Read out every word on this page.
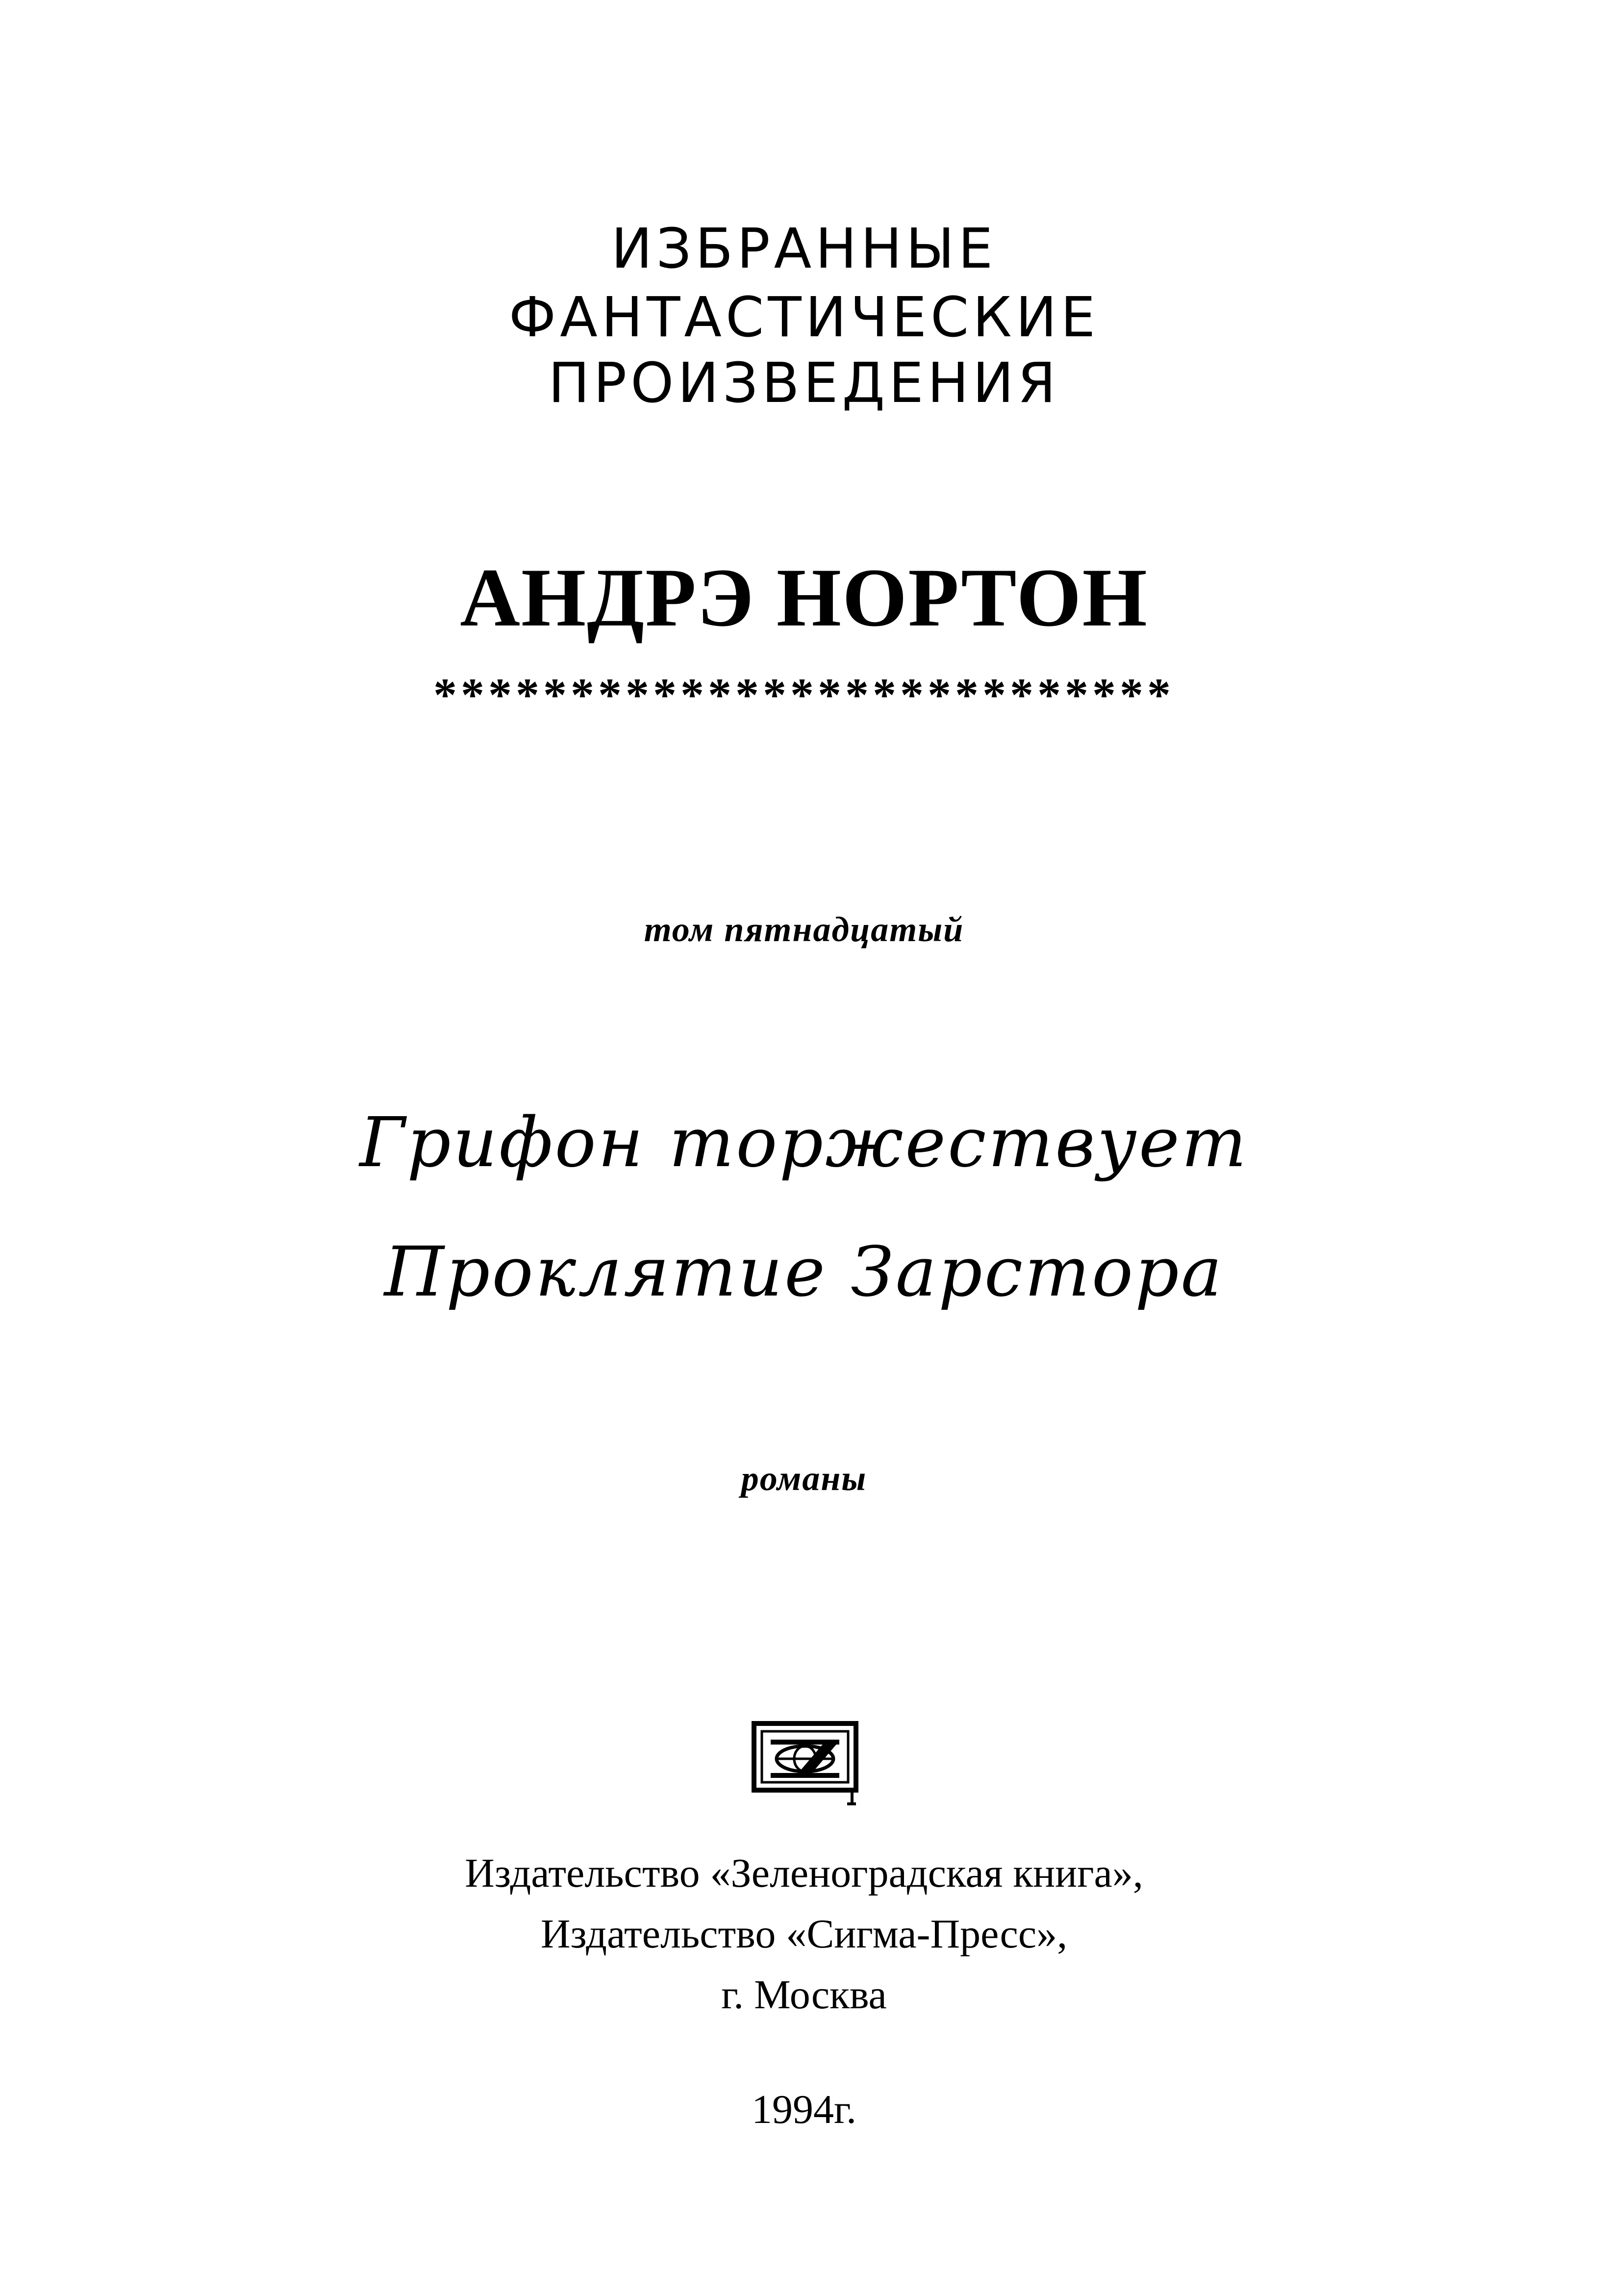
ИЗБРАННЫЕ
ФАНТАСТИЧЕСКИЕ
ПРОИЗВЕДЕНИЯ
АНДРЭ НОРТОН
***************************
том пятнадцатый
Грифон торжествует
Проклятие Зарстора
романы
Издательство «Зеленоградская книга»,
Издательство «Сигма-Пресс»,
г. Москва
1994г.
